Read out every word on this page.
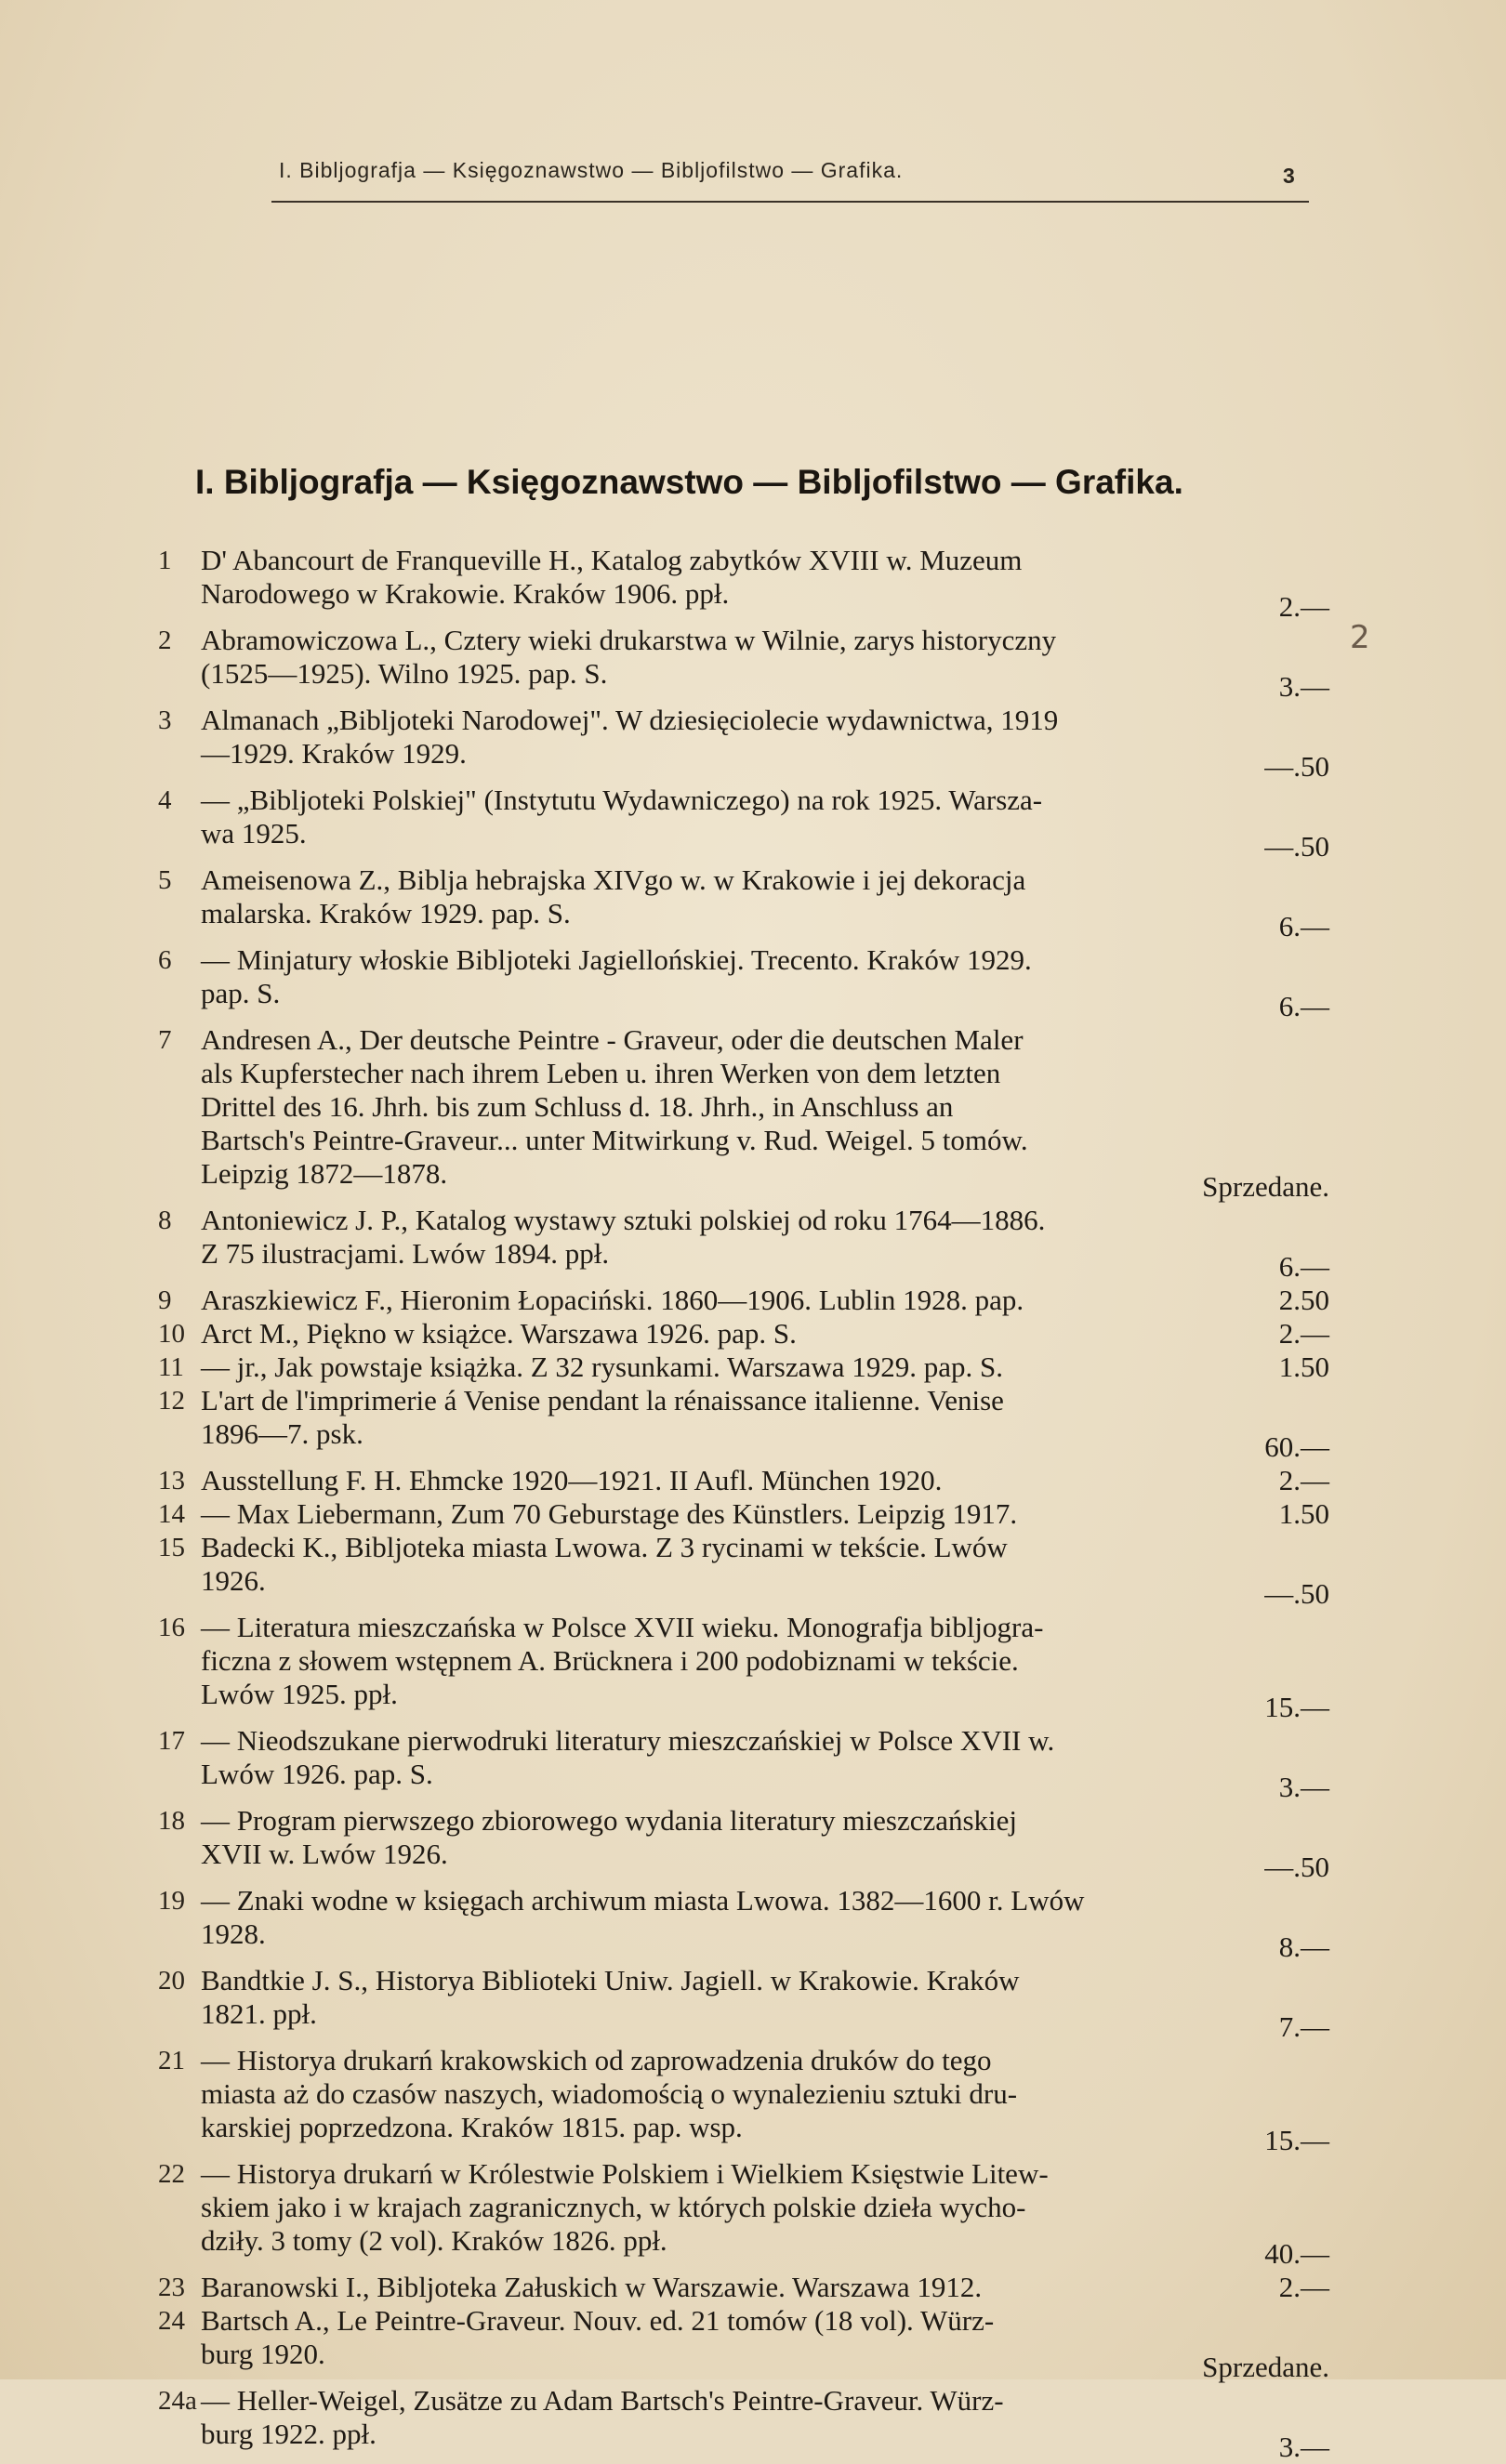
I. Bibljografja — Księgoznawstwo — Bibljofilstwo — Grafika.	3
I. Bibljografja — Księgoznawstwo — Bibljofilstwo — Grafika.
2
1	D' Abancourt de Franqueville H., Katalog zabytków XVIII w. Muzeum
Narodowego w Krakowie. Kraków 1906. ppł.	2.—
2	Abramowiczowa L., Cztery wieki drukarstwa w Wilnie, zarys historyczny
(1525—1925). Wilno 1925. pap. S.	3.—
3	Almanach „Bibljoteki Narodowej". W dziesięciolecie wydawnictwa, 1919
—1929. Kraków 1929.	—.50
4	— „Bibljoteki Polskiej" (Instytutu Wydawniczego) na rok 1925. Warsza-
wa 1925.	—.50
5	Ameisenowa Z., Biblja hebrajska XIVgo w. w Krakowie i jej dekoracja
malarska. Kraków 1929. pap. S.	6.—
6	— Minjatury włoskie Bibljoteki Jagiellońskiej. Trecento. Kraków 1929.
pap. S.	6.—
7	Andresen A., Der deutsche Peintre - Graveur, oder die deutschen Maler
als Kupferstecher nach ihrem Leben u. ihren Werken von dem letzten
Drittel des 16. Jhrh. bis zum Schluss d. 18. Jhrh., in Anschluss an
Bartsch's Peintre-Graveur... unter Mitwirkung v. Rud. Weigel. 5 tomów.
Leipzig 1872—1878.	Sprzedane.
8	Antoniewicz J. P., Katalog wystawy sztuki polskiej od roku 1764—1886.
Z 75 ilustracjami. Lwów 1894. ppł.	6.—
9	Araszkiewicz F., Hieronim Łopaciński. 1860—1906. Lublin 1928. pap.	2.50
10 Arct M., Piękno w książce. Warszawa 1926. pap. S.	2.—
11 — jr., Jak powstaje książka. Z 32 rysunkami. Warszawa 1929. pap. S.	1.50
12 L'art de l'imprimerie á Venise pendant la rénaissance italienne. Venise
1896—7. psk.	60.—
13 Ausstellung F. H. Ehmcke 1920—1921. II Aufl. München 1920.	2.—
14 — Max Liebermann, Zum 70 Geburstage des Künstlers. Leipzig 1917.	1.50
15 Badecki K., Bibljoteka miasta Lwowa. Z 3 rycinami w tekście. Lwów
1926.	—.50
16 — Literatura mieszczańska w Polsce XVII wieku. Monografja bibljogra-
ficzna z słowem wstępnem A. Brücknera i 200 podobiznami w tekście.
Lwów 1925. ppł.	15.—
17 — Nieodszukane pierwodruki literatury mieszczańskiej w Polsce XVII w.
Lwów 1926. pap. S.	3.—
18 — Program pierwszego zbiorowego wydania literatury mieszczańskiej
XVII w. Lwów 1926.	—.50
19 — Znaki wodne w księgach archiwum miasta Lwowa. 1382—1600 r. Lwów
1928.	8.—
20 Bandtkie J. S., Historya Biblioteki Uniw. Jagiell. w Krakowie. Kraków
1821. ppł.	7.—
21 — Historya drukarń krakowskich od zaprowadzenia druków do tego
miasta aż do czasów naszych, wiadomością o wynalezieniu sztuki dru-
karskiej poprzedzona. Kraków 1815. pap. wsp.	15.—
22 — Historya drukarń w Królestwie Polskiem i Wielkiem Księstwie Litew-
skiem jako i w krajach zagranicznych, w których polskie dzieła wycho-
dziły. 3 tomy (2 vol). Kraków 1826. ppł.	40.—
23 Baranowski I., Bibljoteka Załuskich w Warszawie. Warszawa 1912.	2.—
24 Bartsch A., Le Peintre-Graveur. Nouv. ed. 21 tomów (18 vol). Würz-
burg 1920.	Sprzedane.
24a — Heller-Weigel, Zusätze zu Adam Bartsch's Peintre-Graveur. Würz-
burg 1922. ppł.	3.—
